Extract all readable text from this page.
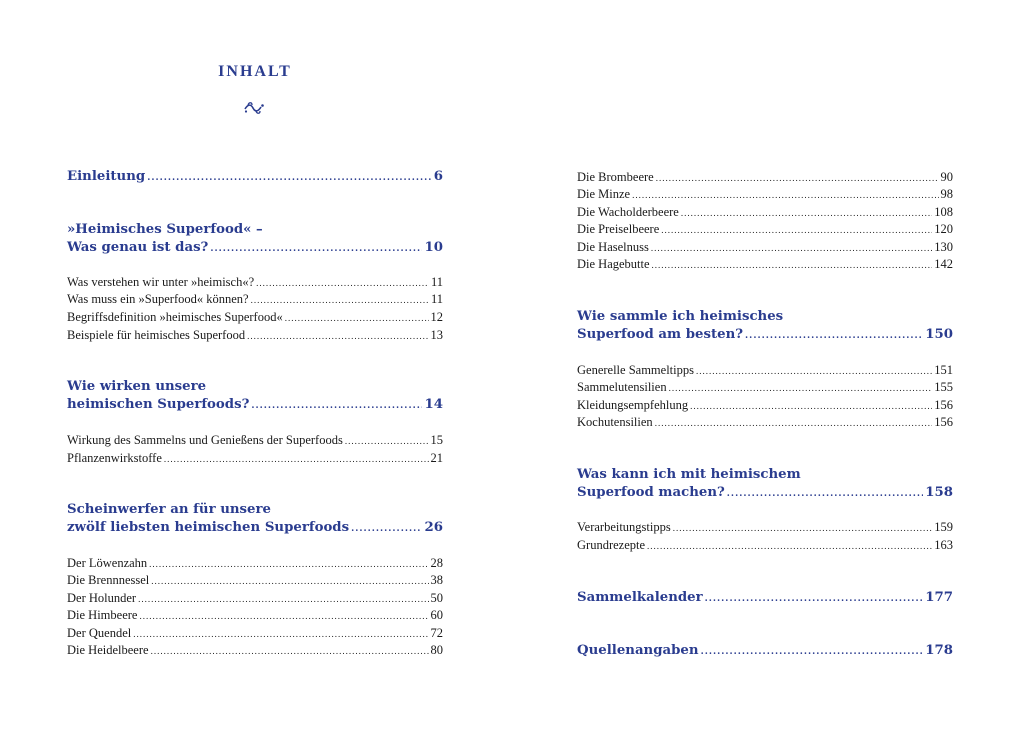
INHALT
Einleitung .....	6
»Heimisches Superfood« –
Was genau ist das? .....	10
Was verstehen wir unter »heimisch«? .....	11
Was muss ein »Superfood« können? .....	11
Begriffsdefinition »heimisches Superfood« .....	12
Beispiele für heimisches Superfood .....	13
Wie wirken unsere
heimischen Superfoods? .....	14
Wirkung des Sammelns und Genießens der Superfoods .....	15
Pflanzenwirkstoffe .....	21
Scheinwerfer an für unsere
zwölf liebsten heimischen Superfoods .....	26
Der Löwenzahn .....	28
Die Brennnessel .....	38
Der Holunder .....	50
Die Himbeere .....	60
Der Quendel .....	72
Die Heidelbeere .....	80
Die Brombeere .....	90
Die Minze .....	98
Die Wacholderbeere .....	108
Die Preiselbeere .....	120
Die Haselnuss .....	130
Die Hagebutte .....	142
Wie sammle ich heimisches
Superfood am besten? .....	150
Generelle Sammeltipps .....	151
Sammelutensilien .....	155
Kleidungsempfehlung .....	156
Kochutensilien .....	156
Was kann ich mit heimischem
Superfood machen? .....	158
Verarbeitungstipps .....	159
Grundrezepte .....	163
Sammelkalender .....	177
Quellenangaben .....	178
